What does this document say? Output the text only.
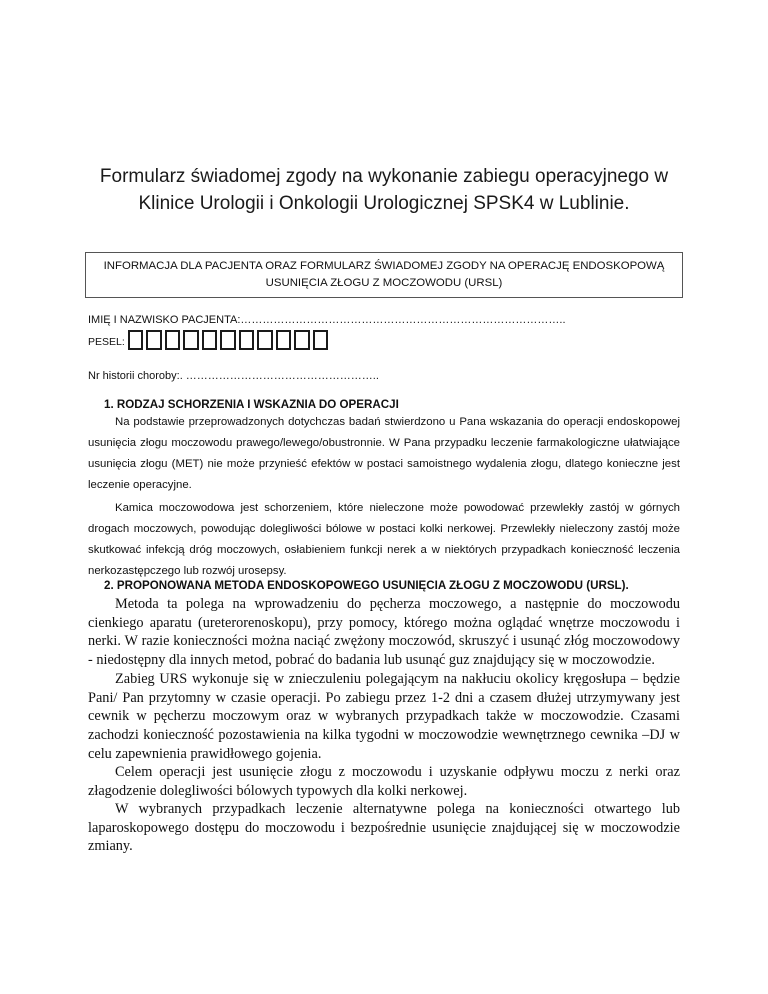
Formularz świadomej zgody na wykonanie zabiegu operacyjnego w
Klinice Urologii i Onkologii Urologicznej SPSK4 w Lublinie.
INFORMACJA DLA PACJENTA ORAZ FORMULARZ ŚWIADOMEJ ZGODY NA OPERACJĘ ENDOSKOPOWĄ
USUNIĘCIA ZŁOGU Z MOCZOWODU (URSL)
IMIĘ I NAZWISKO PACJENTA:……………………………………………………………………………..
PESEL:
Nr historii choroby:. ……………………………………………..
1. RODZAJ SCHORZENIA I WSKAZNIA DO OPERACJI
Na podstawie przeprowadzonych dotychczas badań stwierdzono u Pana wskazania do operacji endoskopowej usunięcia złogu moczowodu prawego/lewego/obustronnie. W Pana przypadku leczenie farmakologiczne ułatwiające usunięcia złogu (MET) nie może przynieść efektów w postaci samoistnego wydalenia złogu, dlatego konieczne jest leczenie operacyjne.
Kamica moczowodowa jest schorzeniem, które nieleczone może powodować przewlekły zastój w górnych drogach moczowych, powodując dolegliwości bólowe w postaci kolki nerkowej. Przewlekły nieleczony zastój może skutkować infekcją dróg moczowych, osłabieniem funkcji nerek a w niektórych przypadkach konieczność leczenia nerkozastępczego lub rozwój urosepsy.
2. PROPONOWANA METODA ENDOSKOPOWEGO USUNIĘCIA ZŁOGU Z MOCZOWODU (URSL).
Metoda ta polega na wprowadzeniu do pęcherza moczowego, a następnie do moczowodu cienkiego aparatu (ureterorenoskopu), przy pomocy, którego można oglądać wnętrze moczowodu i nerki. W razie konieczności można naciąć zwężony moczowód, skruszyć i usunąć złóg moczowodowy - niedostępny dla innych metod, pobrać do badania lub usunąć guz znajdujący się w moczowodzie.
Zabieg URS wykonuje się w znieczuleniu polegającym na nakłuciu okolicy kręgosłupa – będzie Pani/ Pan przytomny w czasie operacji. Po zabiegu przez 1-2 dni a czasem dłużej utrzymywany jest cewnik w pęcherzu moczowym oraz w wybranych przypadkach także w moczowodzie. Czasami zachodzi konieczność pozostawienia na kilka tygodni w moczowodzie wewnętrznego cewnika –DJ w celu zapewnienia prawidłowego gojenia.
Celem operacji jest usunięcie złogu z moczowodu i uzyskanie odpływu moczu z nerki oraz złagodzenie dolegliwości bólowych typowych dla kolki nerkowej.
W wybranych przypadkach leczenie alternatywne polega na konieczności otwartego lub laparoskopowego dostępu do moczowodu i bezpośrednie usunięcie znajdującej się w moczowodzie zmiany.
